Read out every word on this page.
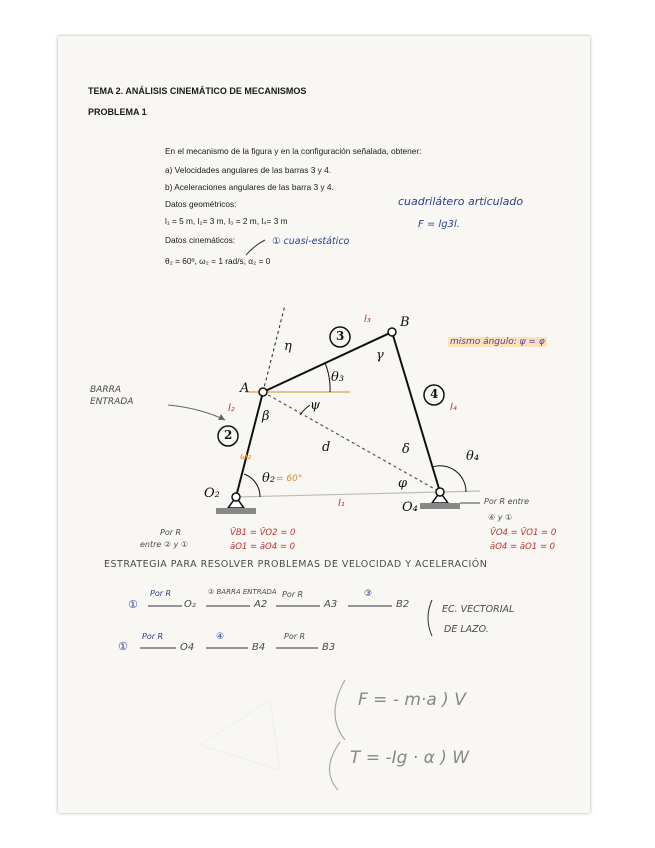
TEMA 2. ANÁLISIS CINEMÁTICO DE MECANISMOS
PROBLEMA 1
En el mecanismo de la figura y en la configuración señalada, obtener:
a) Velocidades angulares de las barras 3 y 4.
b) Aceleraciones angulares de las barra 3 y 4.
Datos geométricos:
l₁ = 5 m, l₂= 3 m, l₃ = 2 m, l₄= 3 m
Datos cinemáticos:
θ₂ = 60º, ω₂ = 1 rad/s, α₂ = 0
cuadrilátero articulado
F = lg3l.
① cuasi-estático
mismo ángulo: ψ = φ
BARRA ENTRADA
A
B
O₂
O₄
3
2
4
η
γ
θ₃
ψ
β
d	δ	θ₄
φ
θ₂
l₃
l₄
l₂
l₁
ω₂
= 60°
Por R
entre ② y ①
V̄B1 = V̄O2 = 0
āO1 = āO4 = 0
Por R entre
④ y ①
V̄O4 = V̄O1 = 0
āO4 = āO1 = 0
ESTRATEGIA PARA RESOLVER PROBLEMAS DE VELOCIDAD Y ACELERACIÓN
①
Por R
O₂
② BARRA ENTRADA
A2
Por R
A3
③
B2	EC. VECTORIAL
DE LAZO.
①
Por R
O4
④
B4
Por R
B3
F = - m·a ) V
T = -Ig · α ) W
